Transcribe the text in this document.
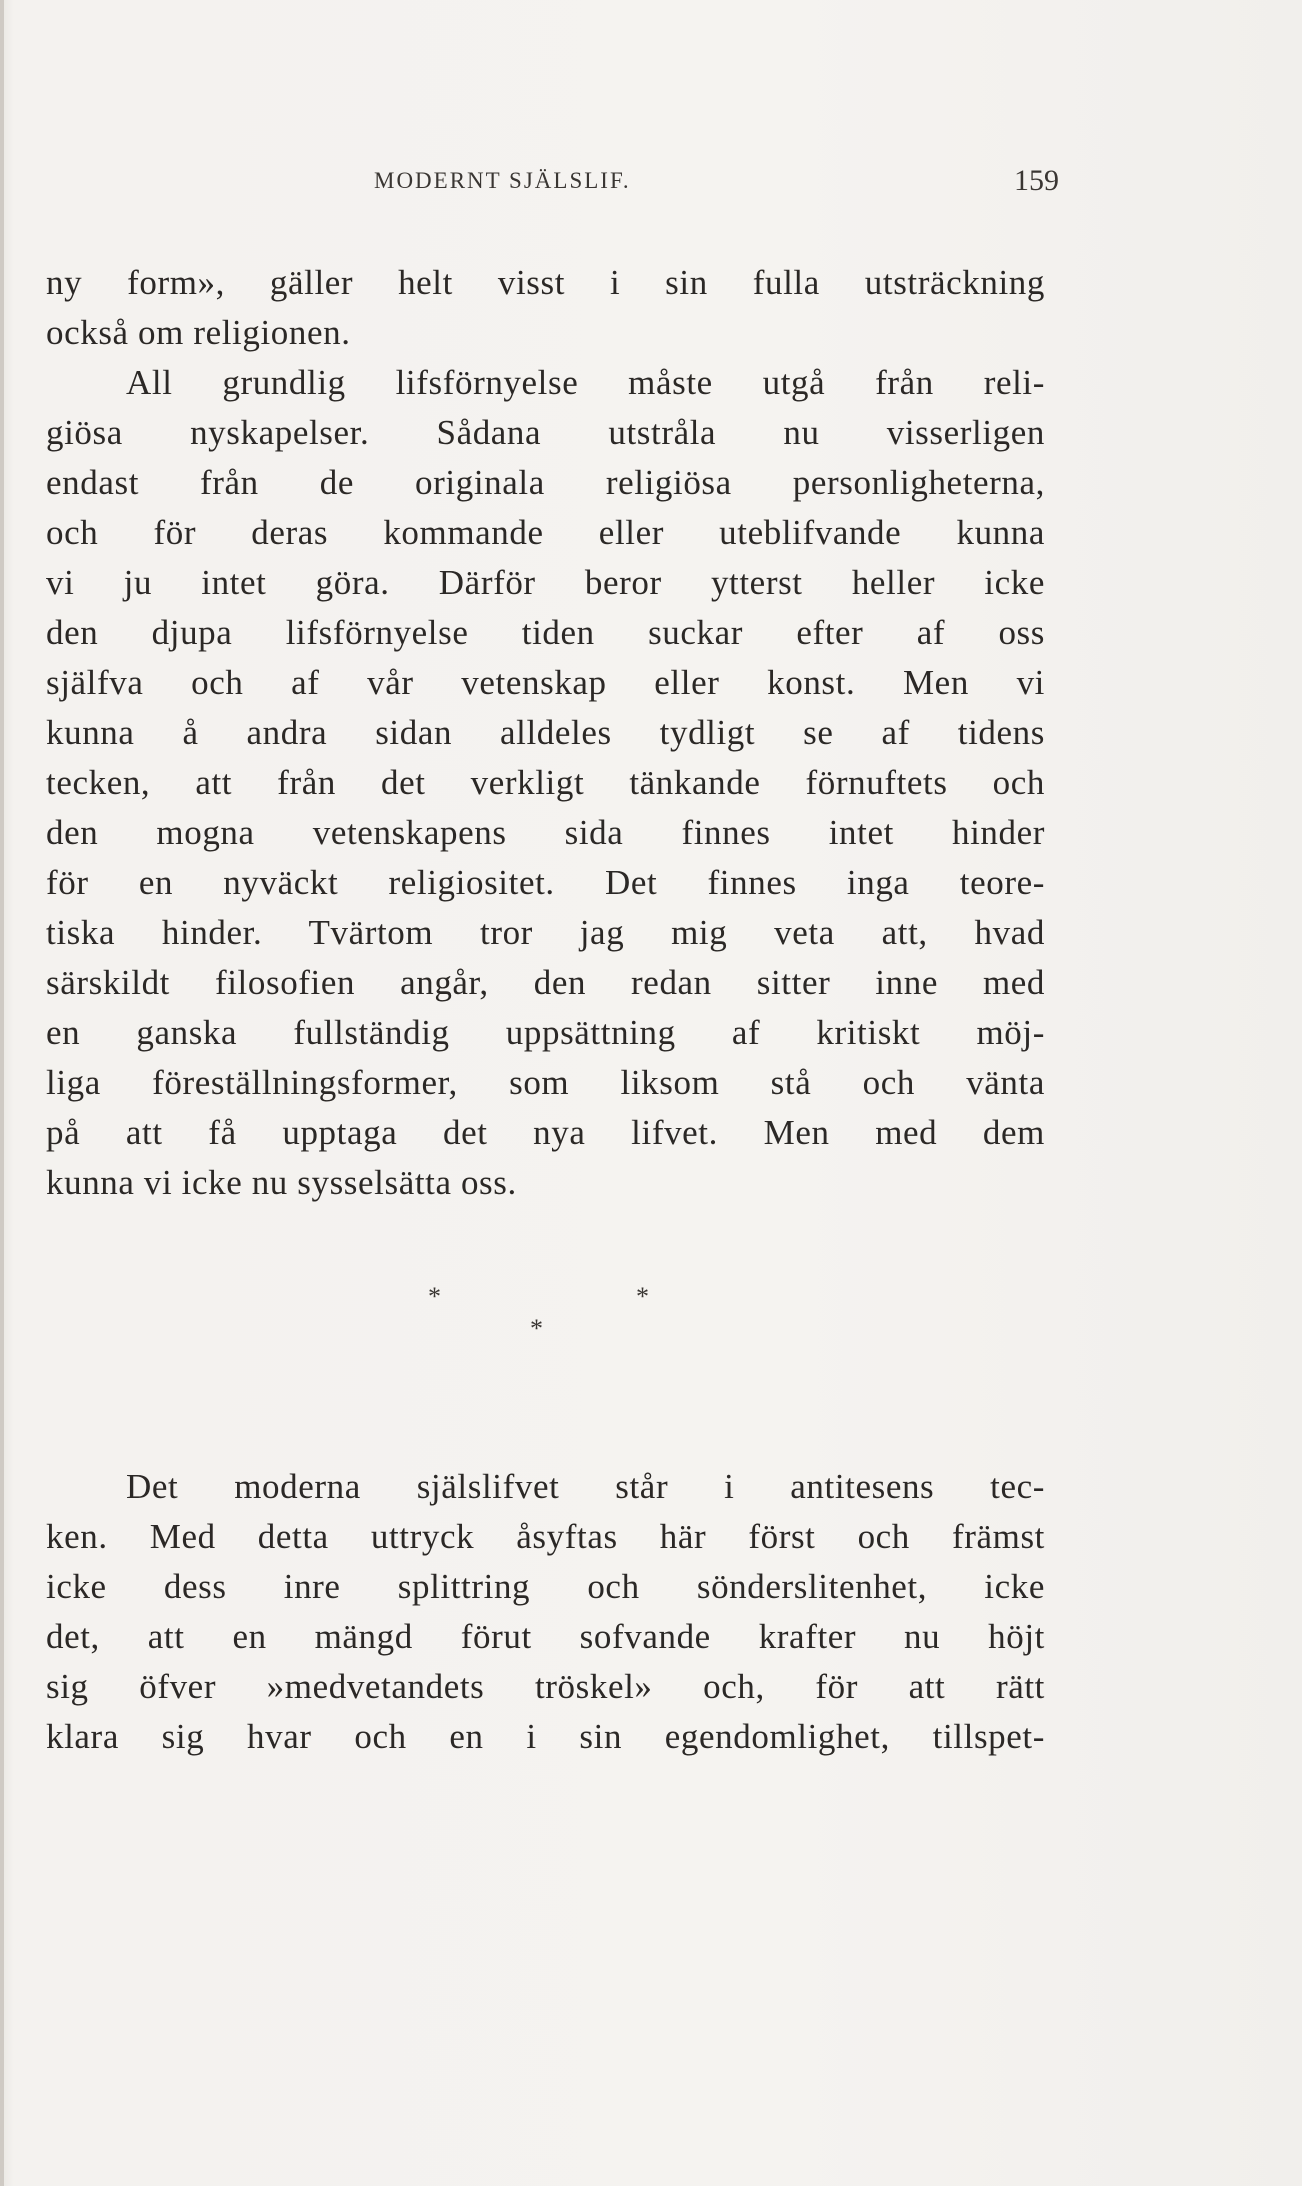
MODERNT SJÄLSLIF.	159
ny form», gäller helt visst i sin fulla utsträckning
också om religionen.
All grundlig lifsförnyelse måste utgå från reli-
giösa nyskapelser. Sådana utstråla nu visserligen
endast från de originala religiösa personligheterna,
och för deras kommande eller uteblifvande kunna
vi ju intet göra. Därför beror ytterst heller icke
den djupa lifsförnyelse tiden suckar efter af oss
själfva och af vår vetenskap eller konst. Men vi
kunna å andra sidan alldeles tydligt se af tidens
tecken, att från det verkligt tänkande förnuftets och
den mogna vetenskapens sida finnes intet hinder
för en nyväckt religiositet. Det finnes inga teore-
tiska hinder. Tvärtom tror jag mig veta att, hvad
särskildt filosofien angår, den redan sitter inne med
en ganska fullständig uppsättning af kritiskt möj-
liga föreställningsformer, som liksom stå och vänta
på att få upptaga det nya lifvet. Men med dem
kunna vi icke nu sysselsätta oss.
*	*
*
Det moderna själslifvet står i antitesens tec-
ken. Med detta uttryck åsyftas här först och främst
icke dess inre splittring och sönderslitenhet, icke
det, att en mängd förut sofvande krafter nu höjt
sig öfver »medvetandets tröskel» och, för att rätt
klara sig hvar och en i sin egendomlighet, tillspet-
